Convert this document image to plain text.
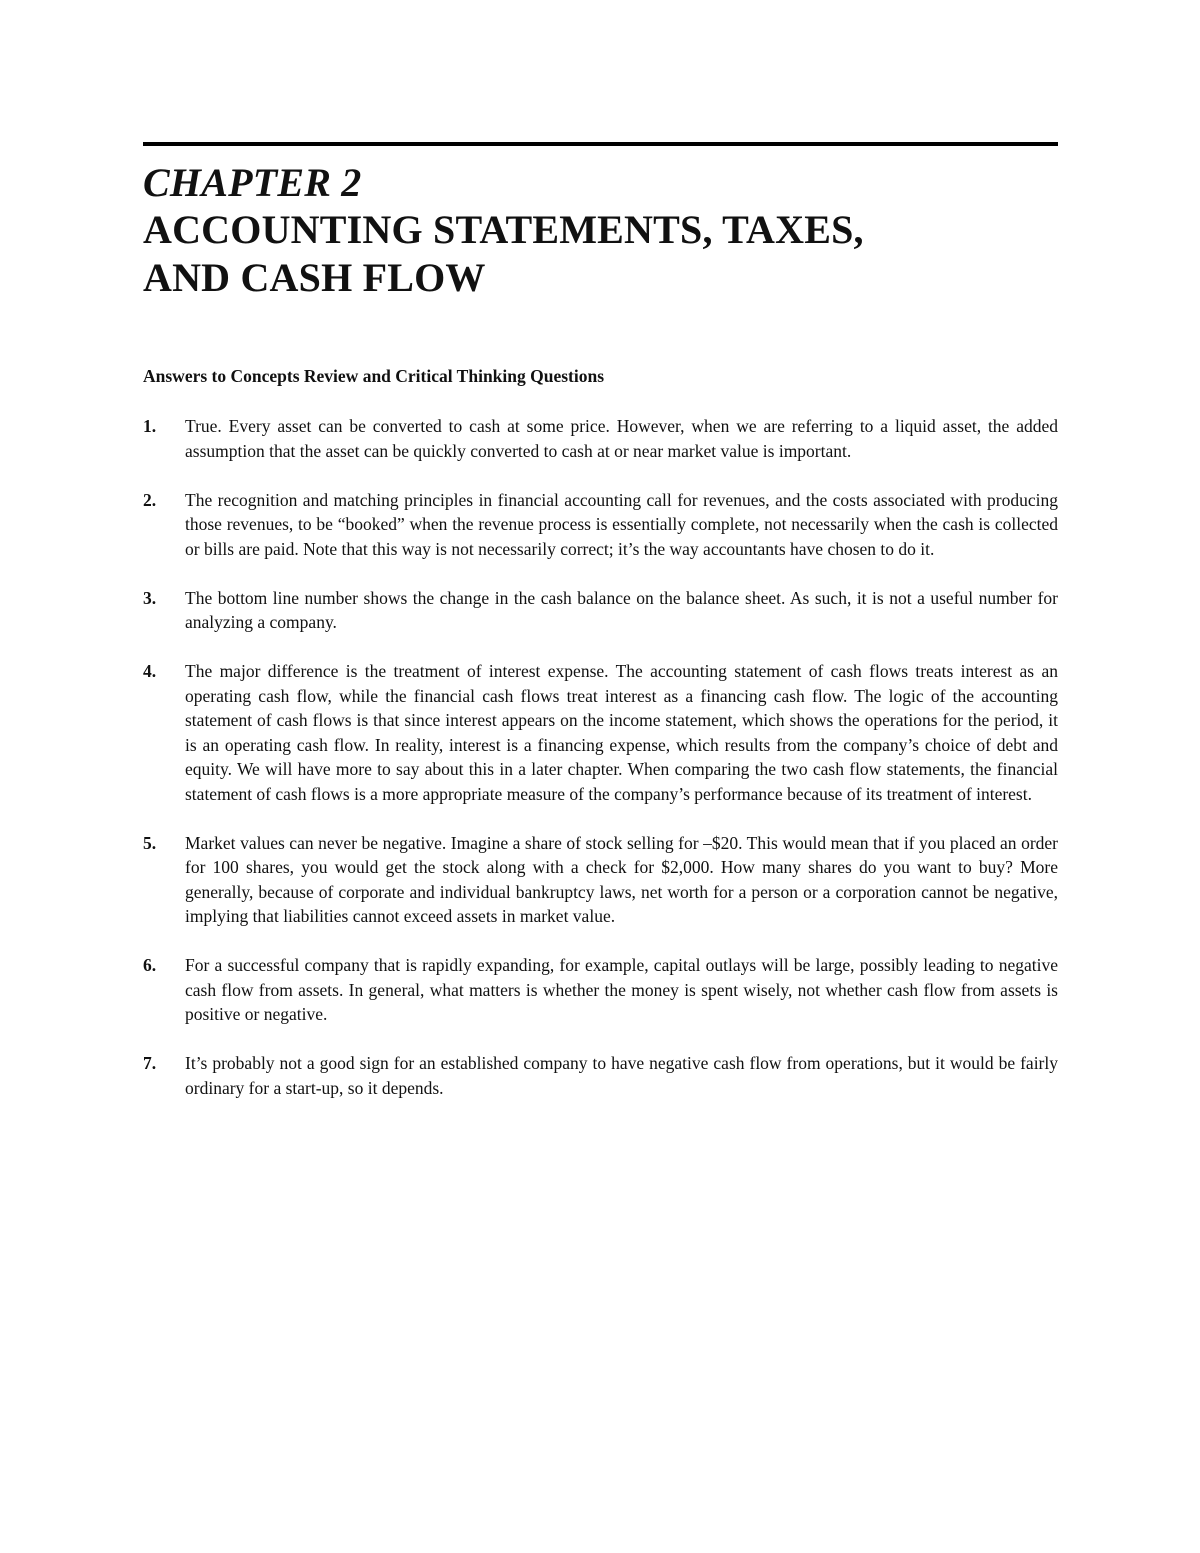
CHAPTER 2
ACCOUNTING STATEMENTS, TAXES,
AND CASH FLOW
Answers to Concepts Review and Critical Thinking Questions
1.	True. Every asset can be converted to cash at some price. However, when we are referring to a liquid asset, the added assumption that the asset can be quickly converted to cash at or near market value is important.
2.	The recognition and matching principles in financial accounting call for revenues, and the costs associated with producing those revenues, to be “booked” when the revenue process is essentially complete, not necessarily when the cash is collected or bills are paid. Note that this way is not necessarily correct; it’s the way accountants have chosen to do it.
3.	The bottom line number shows the change in the cash balance on the balance sheet. As such, it is not a useful number for analyzing a company.
4.	The major difference is the treatment of interest expense. The accounting statement of cash flows treats interest as an operating cash flow, while the financial cash flows treat interest as a financing cash flow. The logic of the accounting statement of cash flows is that since interest appears on the income statement, which shows the operations for the period, it is an operating cash flow. In reality, interest is a financing expense, which results from the company’s choice of debt and equity. We will have more to say about this in a later chapter. When comparing the two cash flow statements, the financial statement of cash flows is a more appropriate measure of the company’s performance because of its treatment of interest.
5.	Market values can never be negative. Imagine a share of stock selling for –$20. This would mean that if you placed an order for 100 shares, you would get the stock along with a check for $2,000. How many shares do you want to buy? More generally, because of corporate and individual bankruptcy laws, net worth for a person or a corporation cannot be negative, implying that liabilities cannot exceed assets in market value.
6.	For a successful company that is rapidly expanding, for example, capital outlays will be large, possibly leading to negative cash flow from assets. In general, what matters is whether the money is spent wisely, not whether cash flow from assets is positive or negative.
7.	It’s probably not a good sign for an established company to have negative cash flow from operations, but it would be fairly ordinary for a start-up, so it depends.
